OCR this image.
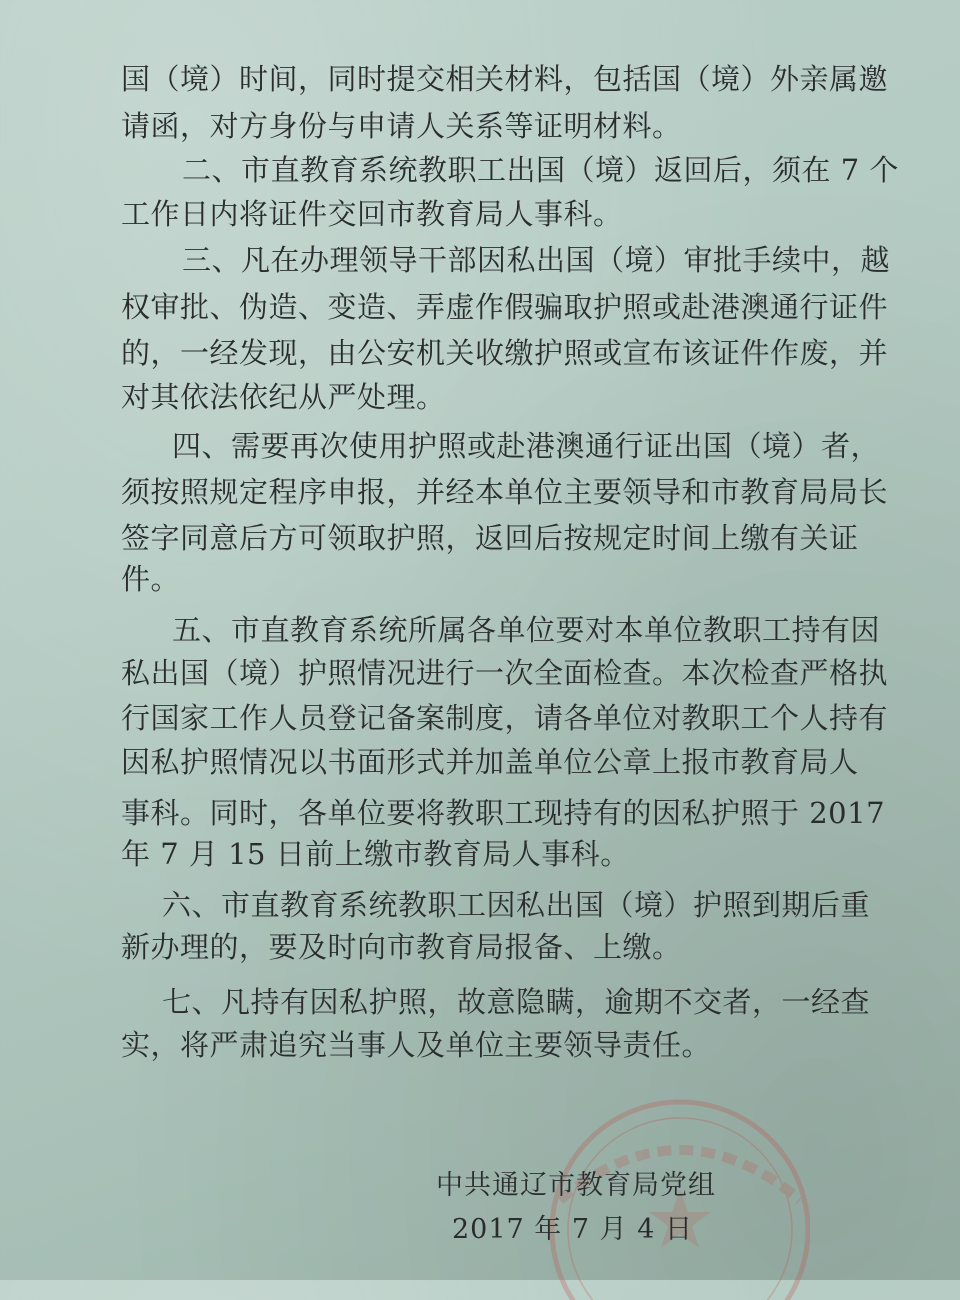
国（境）时间，同时提交相关材料，包括国（境）外亲属邀
请函，对方身份与申请人关系等证明材料。
二、市直教育系统教职工出国（境）返回后，须在 7 个
工作日内将证件交回市教育局人事科。
三、凡在办理领导干部因私出国（境）审批手续中，越
权审批、伪造、变造、弄虚作假骗取护照或赴港澳通行证件
的，一经发现，由公安机关收缴护照或宣布该证件作废，并
对其依法依纪从严处理。
四、需要再次使用护照或赴港澳通行证出国（境）者，
须按照规定程序申报，并经本单位主要领导和市教育局局长
签字同意后方可领取护照，返回后按规定时间上缴有关证
件。
五、市直教育系统所属各单位要对本单位教职工持有因
私出国（境）护照情况进行一次全面检查。本次检查严格执
行国家工作人员登记备案制度，请各单位对教职工个人持有
因私护照情况以书面形式并加盖单位公章上报市教育局人
事科。同时，各单位要将教职工现持有的因私护照于 2017
年 7 月 15 日前上缴市教育局人事科。
六、市直教育系统教职工因私出国（境）护照到期后重
新办理的，要及时向市教育局报备、上缴。
七、凡持有因私护照，故意隐瞒，逾期不交者，一经查
实，将严肃追究当事人及单位主要领导责任。
中共通辽市教育局党组
2017 年 7 月 4 日
